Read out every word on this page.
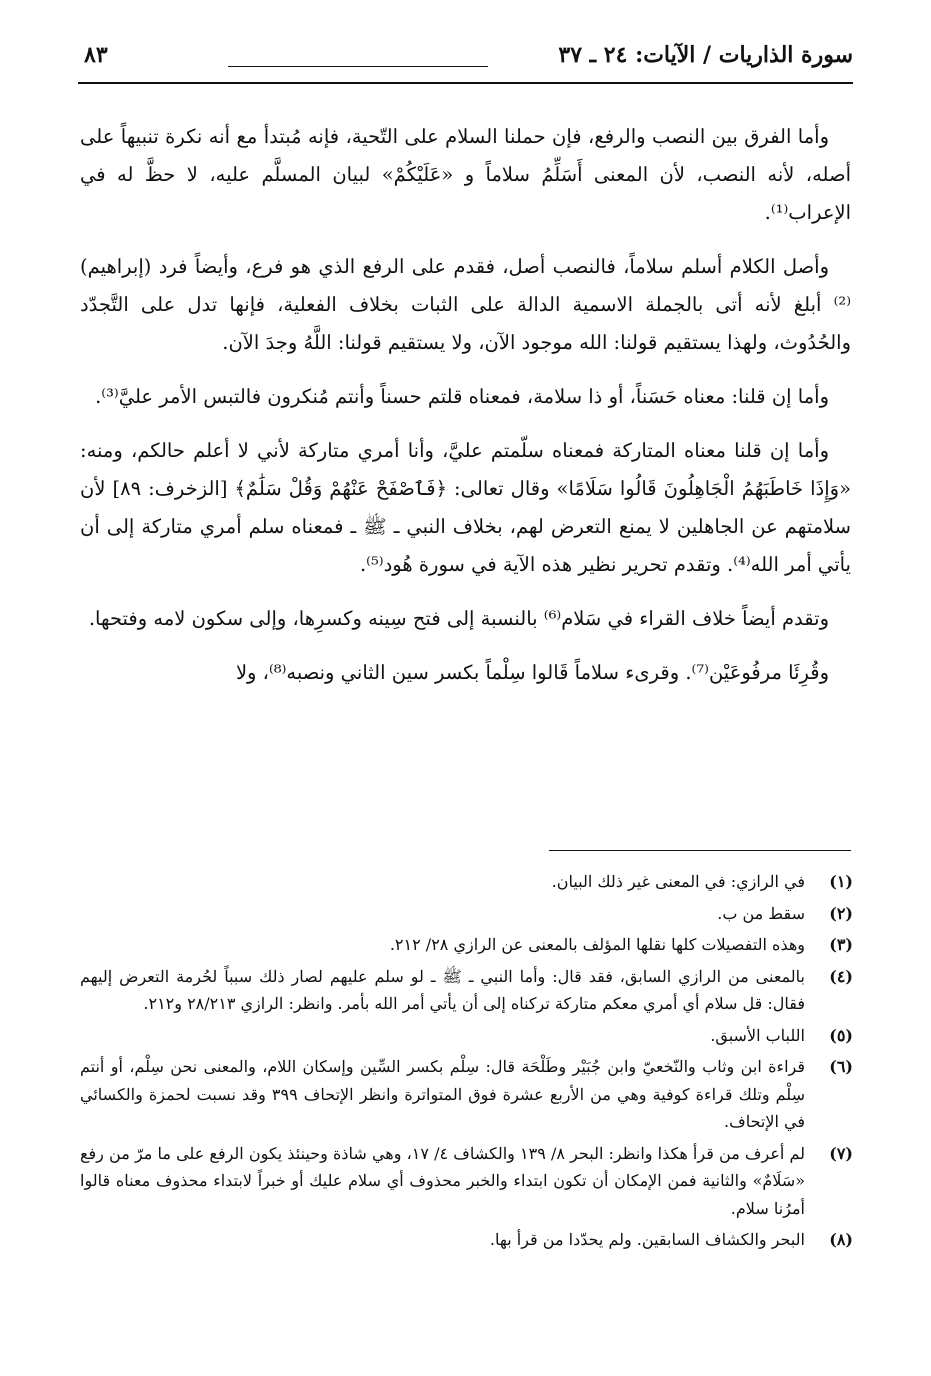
سورة الذاريات / الآيات: ٢٤ ـ ٣٧
٨٣

وأما الفرق بين النصب والرفع، فإن حملنا السلام على التّحية، فإنه مُبتدأ مع أنه نكرة تنبيهاً على أصله، لأنه النصب، لأن المعنى أَسَلِّمُ سلاماً و «عَلَيْكُمْ» لبيان المسلَّم عليه، لا حظَّ له في الإعراب⁽¹⁾.

وأصل الكلام أسلم سلاماً، فالنصب أصل، فقدم على الرفع الذي هو فرع، وأيضاً فرد (إبراهيم)⁽²⁾ أبلغ لأنه أتى بالجملة الاسمية الدالة على الثبات بخلاف الفعلية، فإنها تدل على التَّجدّد والحُدُوث، ولهذا يستقيم قولنا: الله موجود الآن، ولا يستقيم قولنا: اللَّهُ وجدَ الآن.

وأما إن قلنا: معناه حَسَناً، أو ذا سلامة، فمعناه قلتم حسناً وأنتم مُنكرون فالتبس الأمر عليَّ⁽³⁾.

وأما إن قلنا معناه المتاركة فمعناه سلّمتم عليَّ، وأنا أمري متاركة لأني لا أعلم حالكم، ومنه: «وَإِذَا خَاطَبَهُمُ الْجَاهِلُونَ قَالُوا سَلَامًا» وقال تعالى: ﴿فَٱصْفَحْ عَنْهُمْ وَقُلْ سَلَٰمٌ﴾ [الزخرف: ٨٩] لأن سلامتهم عن الجاهلين لا يمنع التعرض لهم، بخلاف النبي ـ ﷺ ـ فمعناه سلم أمري متاركة إلى أن يأتي أمر الله⁽⁴⁾. وتقدم تحرير نظير هذه الآية في سورة هُود⁽⁵⁾.

وتقدم أيضاً خلاف القراء في سَلام⁽⁶⁾ بالنسبة إلى فتح سِينه وكسرِها، وإلى سكون لامه وفتحها.

وقُرِئَا مرفُوعَيْن⁽⁷⁾. وقرىء سلاماً قَالوا سِلْماً بكسر سين الثاني ونصبه⁽⁸⁾، ولا

(١)
في الرازي: في المعنى غير ذلك البيان.
(٢)
سقط من ب.
(٣)
وهذه التفصيلات كلها نقلها المؤلف بالمعنى عن الرازي ٢٨/ ٢١٢.
(٤)
بالمعنى من الرازي السابق، فقد قال: وأما النبي ـ ﷺ ـ لو سلم عليهم لصار ذلك سبباً لحُرمة التعرض إليهم فقال: قل سلام أي أمري معكم متاركة تركناه إلى أن يأتي أمر الله بأمر. وانظر: الرازي ٢٨/٢١٣ و٢١٢.
(٥)
اللباب الأسبق.
(٦)
قراءة ابن وثاب والنّخعيّ وابن جُبَيْر وطَلْحَة قال: سِلْم بكسر السِّين وإسكان اللام، والمعنى نحن سِلْم، أو أنتم سِلْم وتلك قراءة كوفية وهي من الأربع عشرة فوق المتواترة وانظر الإتحاف ٣٩٩ وقد نسبت لحمزة والكسائي في الإتحاف.
(٧)
لم أعرف من قرأ هكذا وانظر: البحر ٨/ ١٣٩ والكشاف ٤/ ١٧، وهي شاذة وحينئذ يكون الرفع على ما مرّ من رفع «سَلَامٌ» والثانية فمن الإمكان أن تكون ابتداء والخبر محذوف أي سلام عليك أو خبراً لابتداء محذوف معناه قالوا أمرُنا سلام.
(٨)
البحر والكشاف السابقين. ولم يحدّدا من قرأ بها.
